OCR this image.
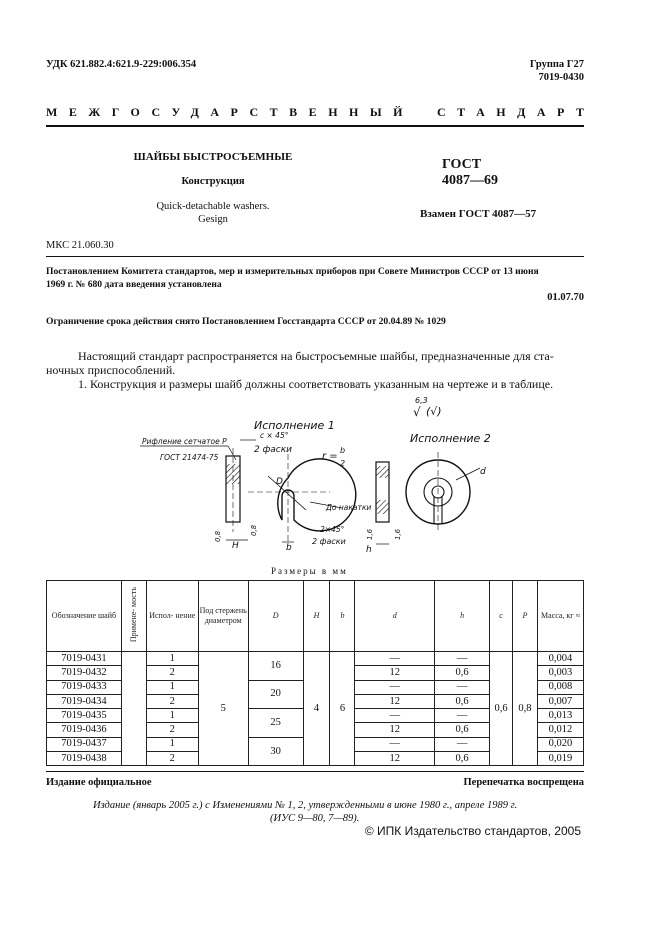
УДК 621.882.4:621.9-229:006.354	Группа Г27
7019-0430
МЕЖГОСУДАРСТВЕННЫЙ СТАНДАРТ
ШАЙБЫ БЫСТРОСЪЕМНЫЕ
Конструкция
Quick-detachable washers.
Gesign
ГОСТ
4087—69
Взамен ГОСТ 4087—57
МКС 21.060.30
Постановлением Комитета стандартов, мер и измерительных приборов при Совете Министров СССР от 13 июня
1969 г. № 680 дата введения установлена
01.07.70
Ограничение срока действия снято Постановлением Госстандарта СССР от 20.04.89 № 1029
Настоящий стандарт распространяется на быстросъемные шайбы, предназначенные для ста-
ночных приспособлений.
1. Конструкция и размеры шайб должны соответствовать указанным на чертеже и в таблице.
6,3
√ (√)
Исполнение 1
Исполнение 2
Рифление сетчатое P
ГОСТ 21474-75
c × 45°
2 фаски
r =
b
2
До накатки
2×45°
2 фаски
D
d
H	b	h
0,8
0,8	1,6	1,6
Размеры в мм
Обозначение шайб	Примене- мость	Испол- нение	Под стержень диаметром	D	H	b	d	h	c	P	Масса, кг ≈
7019-0431		1	5	16	4	6	—	—	0,6	0,8	0,004
7019-0432		2					12	0,6			0,003
7019-0433		1		20			—	—			0,008
7019-0434		2					12	0,6			0,007
7019-0435		1		25			—	—			0,013
7019-0436		2					12	0,6			0,012
7019-0437		1		30			—	—			0,020
7019-0438		2					12	0,6			0,019
Издание официальное	Перепечатка воспрещена
Издание (январь 2005 г.) с Изменениями № 1, 2, утвержденными в июне 1980 г., апреле 1989 г.
(ИУС 9—80, 7—89).
© ИПК Издательство стандартов, 2005
